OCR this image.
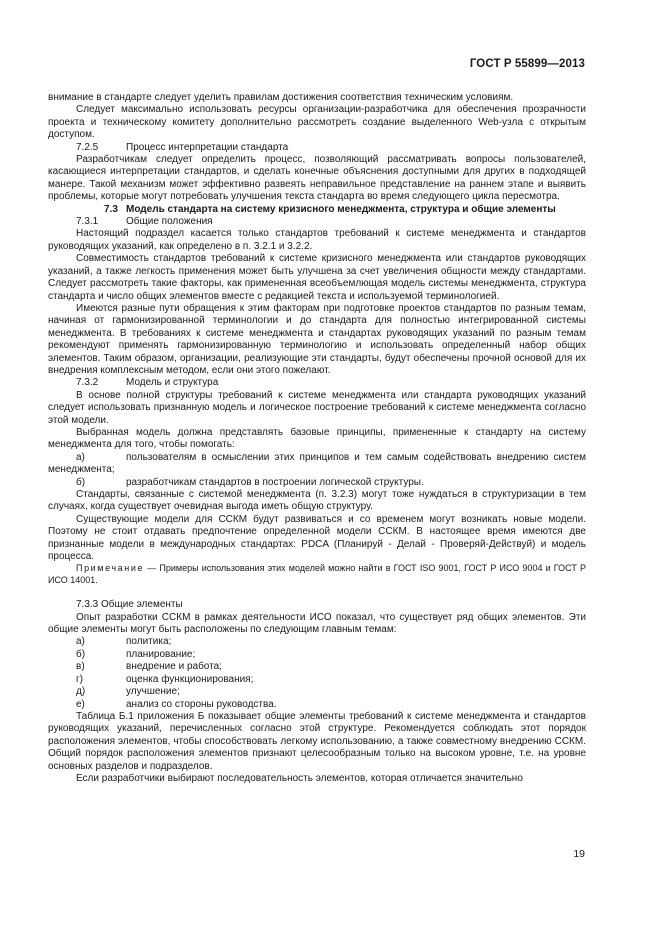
ГОСТ Р 55899—2013

внимание в стандарте следует уделить правилам достижения соответствия техническим условиям.

Следует максимально использовать ресурсы организации-разработчика для обеспечения прозрачности проекта и техническому комитету дополнительно рассмотреть создание выделенного Web-узла с открытым доступом.

7.2.5	Процесс интерпретации стандарта

Разработчикам следует определить процесс, позволяющий рассматривать вопросы пользователей, касающиеся интерпретации стандартов, и сделать конечные объяснения доступными для других в подходящей манере. Такой механизм может эффективно развеять неправильное представление на раннем этапе и выявить проблемы, которые могут потребовать улучшения текста стандарта во время следующего цикла пересмотра.

7.3 Модель стандарта на систему кризисного менеджмента, структура и общие элементы

7.3.1	Общие положения

Настоящий подраздел касается только стандартов требований к системе менеджмента и стандартов руководящих указаний, как определено в п. 3.2.1 и 3.2.2.

Совместимость стандартов требований к системе кризисного менеджмента или стандартов руководящих указаний, а также легкость применения может быть улучшена за счет увеличения общности между стандартами. Следует рассмотреть такие факторы, как примененная всеобъемлющая модель системы менеджмента, структура стандарта и число общих элементов вместе с редакцией текста и используемой терминологией.

Имеются разные пути обращения к этим факторам при подготовке проектов стандартов по разным темам, начиная от гармонизированной терминологии и до стандарта для полностью интегрированной системы менеджмента. В требованиях к системе менеджмента и стандартах руководящих указаний по разным темам рекомендуют применять гармонизированную терминологию и использовать определенный набор общих элементов. Таким образом, организации, реализующие эти стандарты, будут обеспечены прочной основой для их внедрения комплексным методом, если они этого пожелают.

7.3.2	Модель и структура

В основе полной структуры требований к системе менеджмента или стандарта руководящих указаний следует использовать признанную модель и логическое построение требований к системе менеджмента согласно этой модели.

Выбранная модель должна представлять базовые принципы, примененные к стандарту на систему менеджмента для того, чтобы помогать:

а)	пользователям в осмыслении этих принципов и тем самым содействовать внедрению систем менеджмента;

б)	разработчикам стандартов в построении логической структуры.

Стандарты, связанные с системой менеджмента (п. 3.2.3) могут тоже нуждаться в структуризации в тем случаях, когда существует очевидная выгода иметь общую структуру.

Существующие модели для ССКМ будут развиваться и со временем могут возникать новые модели. Поэтому не стоит отдавать предпочтение определенной модели ССКМ. В настоящее время имеются две признанные модели в международных стандартах: PDCA (Планируй - Делай - Проверяй-Действуй) и модель процесса.

Примечание — Примеры использования этих моделей можно найти в ГОСТ ISO 9001, ГОСТ Р ИСО 9004 и ГОСТ Р ИСО 14001.

7.3.3 Общие элементы

Опыт разработки ССКМ в рамках деятельности ИСО показал, что существует ряд общих элементов. Эти общие элементы могут быть расположены по следующим главным темам:

а)	политика;

б)	планирование;

в)	внедрение и работа;

г)	оценка функционирования;

д)	улучшение;

е)	анализ со стороны руководства.

Таблица Б.1 приложения Б показывает общие элементы требований к системе менеджмента и стандартов руководящих указаний, перечисленных согласно этой структуре. Рекомендуется соблюдать этот порядок расположения элементов, чтобы способствовать легкому использованию, а также совместному внедрению ССКМ. Общий порядок расположения элементов признают целесообразным только на высоком уровне, т.е. на уровне основных разделов и подразделов.

Если разработчики выбирают последовательность элементов, которая отличается значительно

19
